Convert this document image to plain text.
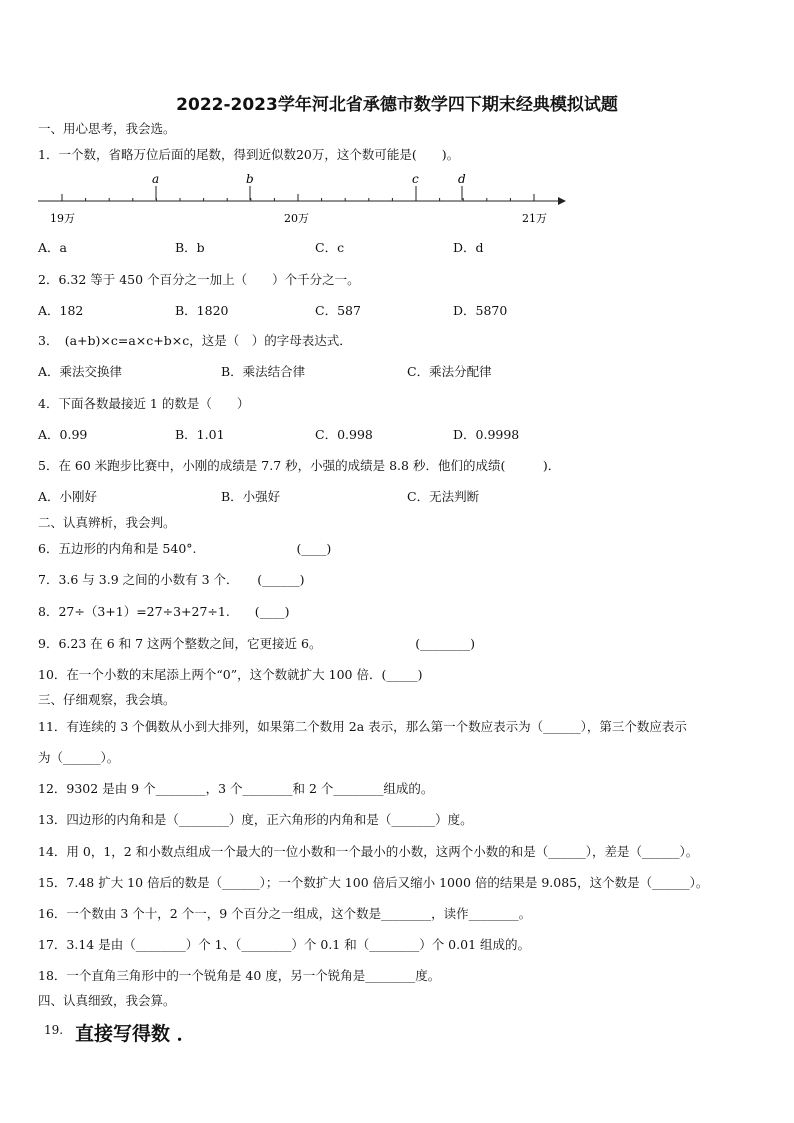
2022-2023学年河北省承德市数学四下期末经典模拟试题
一、用心思考，我会选。
1．一个数，省略万位后面的尾数，得到近似数20万，这个数可能是(　　)。
a	b	c	d
19万	20万	21万
A．a	B．b	C．c	D．d
2．6.32 等于 450 个百分之一加上（　　）个千分之一。
A．182	B．1820	C．587	D．5870
3．　(a+b)×c=a×c+b×c，这是（　）的字母表达式．
A．乘法交换律	B．乘法结合律	C．乘法分配律
4．下面各数最接近 1 的数是（　　）
A．0.99	B．1.01	C．0.998	D．0.9998
5．在 60 米跑步比赛中，小刚的成绩是 7.7 秒，小强的成绩是 8.8 秒．他们的成绩(　　　)．
A．小刚好	B．小强好	C．无法判断
二、认真辨析，我会判。
6．五边形的内角和是 540°.　　　　　　　　(____)
7．3.6 与 3.9 之间的小数有 3 个．　　(______)
8．27÷（3+1）=27÷3+27÷1.　　(____)
9．6.23 在 6 和 7 这两个整数之间，它更接近 6。　　　　　　　　(________)
10．在一个小数的末尾添上两个“0”，这个数就扩大 100 倍．(_____)
三、仔细观察，我会填。
11．有连续的 3 个偶数从小到大排列，如果第二个数用 2a 表示，那么第一个数应表示为（______），第三个数应表示
为（______）。
12．9302 是由 9 个________，3 个________和 2 个________组成的。
13．四边形的内角和是（________）度，正六角形的内角和是（_______）度。
14．用 0，1，2 和小数点组成一个最大的一位小数和一个最小的小数，这两个小数的和是（______），差是（______）。
15．7.48 扩大 10 倍后的数是（______）；一个数扩大 100 倍后又缩小 1000 倍的结果是 9.085，这个数是（______）。
16．一个数由 3 个十，2 个一，9 个百分之一组成，这个数是________，读作________。
17．3.14 是由（________）个 1、（________）个 0.1 和（________）个 0.01 组成的。
18．一个直角三角形中的一个锐角是 40 度，另一个锐角是________度。
四、认真细致，我会算。
19. 直接写得数 ．
